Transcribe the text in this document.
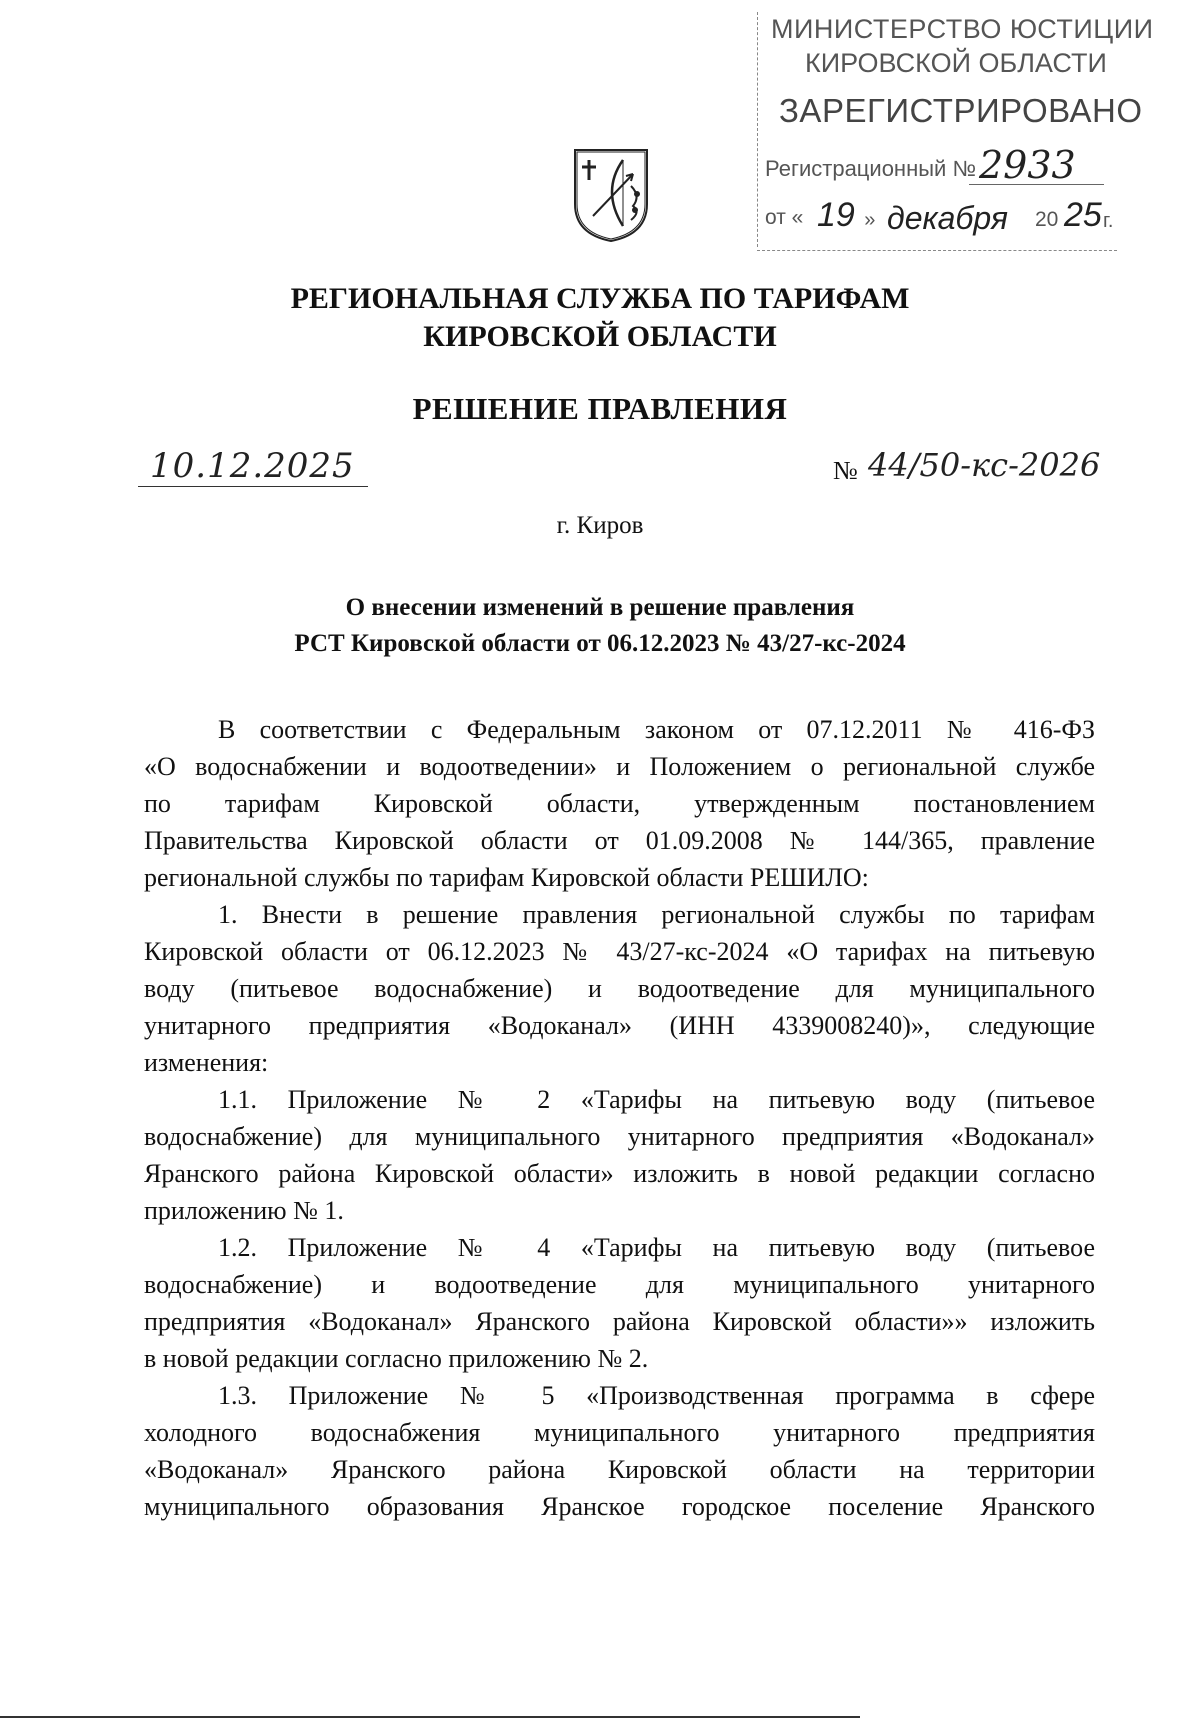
МИНИСТЕРСТВО ЮСТИЦИИ
КИРОВСКОЙ ОБЛАСТИ
ЗАРЕГИСТРИРОВАНО
Регистрационный № 2933
от « 19 » декабря 20 25 г.
РЕГИОНАЛЬНАЯ СЛУЖБА ПО ТАРИФАМ
КИРОВСКОЙ ОБЛАСТИ
РЕШЕНИЕ ПРАВЛЕНИЯ
10.12.2025	№ 44/50-кс-2026
г. Киров
О внесении изменений в решение правления
РСТ Кировской области от 06.12.2023 № 43/27-кс-2024
В соответствии с Федеральным законом от 07.12.2011 № 416-ФЗ
«О водоснабжении и водоотведении» и Положением о региональной службе
по тарифам Кировской области, утвержденным постановлением
Правительства Кировской области от 01.09.2008 № 144/365, правление
региональной службы по тарифам Кировской области РЕШИЛО:
1. Внести в решение правления региональной службы по тарифам
Кировской области от 06.12.2023 № 43/27-кс-2024 «О тарифах на питьевую
воду (питьевое водоснабжение) и водоотведение для муниципального
унитарного предприятия «Водоканал» (ИНН 4339008240)», следующие
изменения:
1.1. Приложение № 2 «Тарифы на питьевую воду (питьевое
водоснабжение) для муниципального унитарного предприятия «Водоканал»
Яранского района Кировской области» изложить в новой редакции согласно
приложению № 1.
1.2. Приложение № 4 «Тарифы на питьевую воду (питьевое
водоснабжение) и водоотведение для муниципального унитарного
предприятия «Водоканал» Яранского района Кировской области»» изложить
в новой редакции согласно приложению № 2.
1.3. Приложение № 5 «Производственная программа в сфере
холодного водоснабжения муниципального унитарного предприятия
«Водоканал» Яранского района Кировской области на территории
муниципального образования Яранское городское поселение Яранского
